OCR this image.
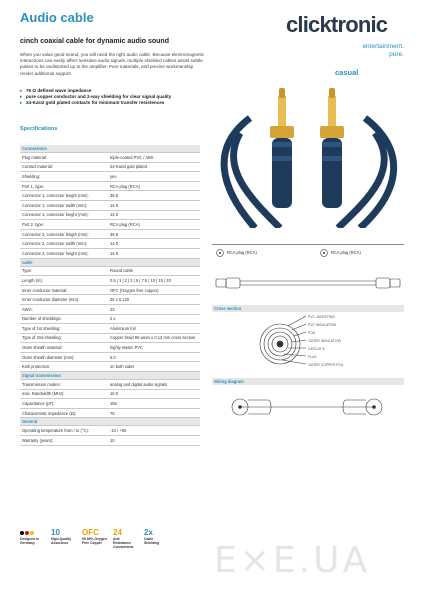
Audio cable
cinch coaxial cable for dynamic audio sound

When you value good sound, you will need the right audio cable. Because electromagnetic interactions can easily affect sensitive audio signals, multiple shielded cables assist subtle pulses to be undistorted up to the amplifier. Pure materials, and precise workmanship render additional support.

▸ 75 Ω defined wave impedance
▸ pure copper conductor and 2-way shielding for clear signal quality
▸ 24-Karat gold plated contacts for minimum transfer resistences
Specifications
clicktronic
entertainment.
pure.
casual
Connections	
Plug material:	triple-coated PVC / ABS
Contact material:	24-Karat gold plated
Shielding:	yes
Port 1, type:	RCA plug (RCA)
Connector 1, connector length (mm):	39.8
Connector 1, connector width (mm):	14.0
Connector 1, connector height (mm):	14.0
Port 2, type:	RCA plug (RCA)
Connector 2, connector length (mm):	39.8
Connector 2, connector width (mm):	14.0
Connector 2, connector height (mm):	14.0
cable	
Type:	Round cable
Length (m):	0.5 | 1 | 2 | 3 | 5 | 7.5 | 10 | 15 | 20
Inner conductor material:	OFC (Oxygen free copper)
Inner conductor diameter (mm):	25 x 0.120
AWG:	23
Number of shieldings:	2 x
Type of 1st shielding:	Aluminium foil
Type of 2nd shielding:	Copper braid 96 wires x 0.12 mm cross section
Outer sheath material:	highly elastic PVC
Outer sheath diameter (mm):	6.0
Kink protection:	on both sides
Signal transmission	
Transmission modes:	analog and digital audio signals
max. Bandwidth (MHz):	10.0
Capacitance (pF):	155
Characteristic impedance (Ω):	75
General	
Operating temperature from / to (°C):	-10 / +80
Warranty (years):	10
RCA plug (RCA)	RCA plug (RCA)
Cross section
PVC JACKETING
PVC INSULATION
FOIL
OUTER INSULATION
CIRCUIT A
FLUX
OUTER COPPER FOIL
Wiring diagram
Designed in Germany
10
High-Quality Assurance
OFC
99.99% Oxygen Free Copper
24
Anti Resistance Connections
2x
Cable Shielding E×E.UA
